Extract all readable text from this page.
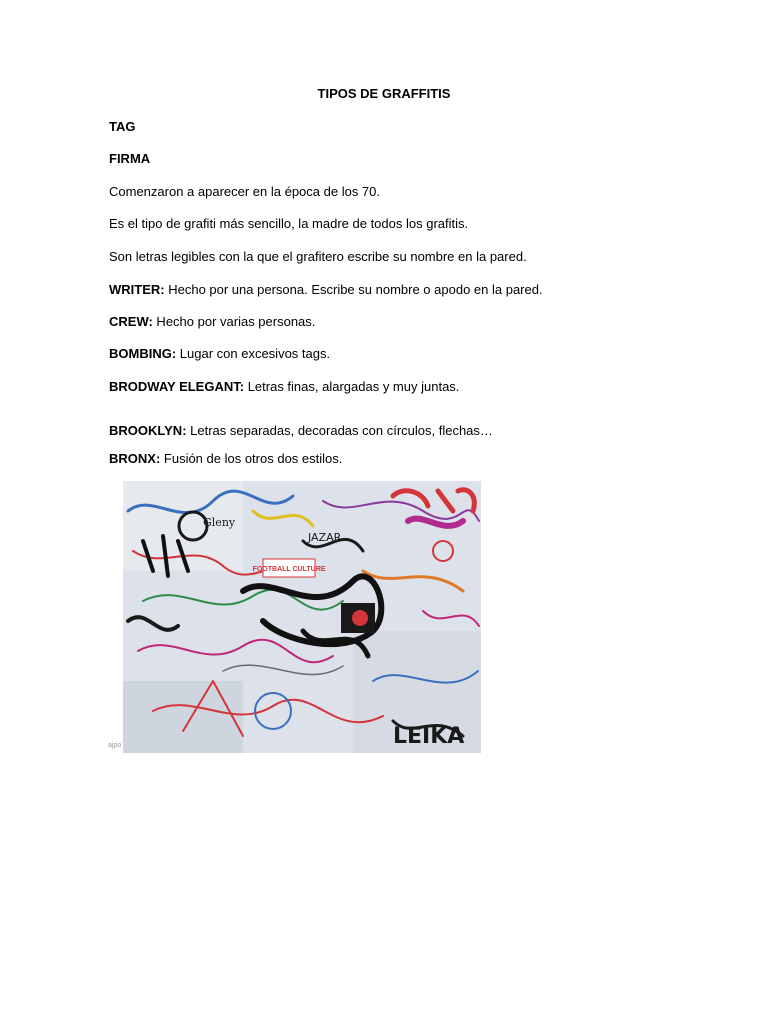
TIPOS DE GRAFFITIS
TAG
FIRMA
Comenzaron a aparecer en la época de los 70.
Es el tipo de grafiti más sencillo, la madre de todos los grafitis.
Son letras legibles con la que el grafitero escribe su nombre en la pared.
WRITER: Hecho por una persona. Escribe su nombre o apodo en la pared.
CREW: Hecho por varias personas.
BOMBING: Lugar con excesivos tags.
BRODWAY ELEGANT: Letras finas, alargadas y muy juntas.
BROOKLYN: Letras separadas, decoradas con círculos, flechas…
BRONX: Fusión de los otros dos estilos.
FOOTBALL CULTURE
LEIKA
JAZAR
Gleny
ajpo
